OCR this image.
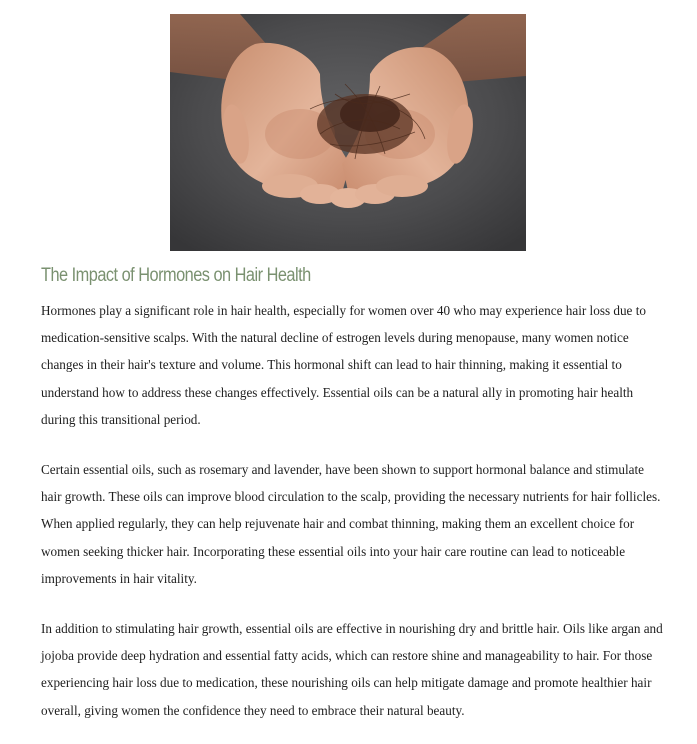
The Impact of Hormones on Hair Health

Hormones play a significant role in hair health, especially for women over 40 who may experience hair loss due to medication-sensitive scalps. With the natural decline of estrogen levels during menopause, many women notice changes in their hair's texture and volume. This hormonal shift can lead to hair thinning, making it essential to understand how to address these changes effectively. Essential oils can be a natural ally in promoting hair health during this transitional period.

Certain essential oils, such as rosemary and lavender, have been shown to support hormonal balance and stimulate hair growth. These oils can improve blood circulation to the scalp, providing the necessary nutrients for hair follicles. When applied regularly, they can help rejuvenate hair and combat thinning, making them an excellent choice for women seeking thicker hair. Incorporating these essential oils into your hair care routine can lead to noticeable improvements in hair vitality.

In addition to stimulating hair growth, essential oils are effective in nourishing dry and brittle hair. Oils like argan and jojoba provide deep hydration and essential fatty acids, which can restore shine and manageability to hair. For those experiencing hair loss due to medication, these nourishing oils can help mitigate damage and promote healthier hair overall, giving women the confidence they need to embrace their natural beauty.
